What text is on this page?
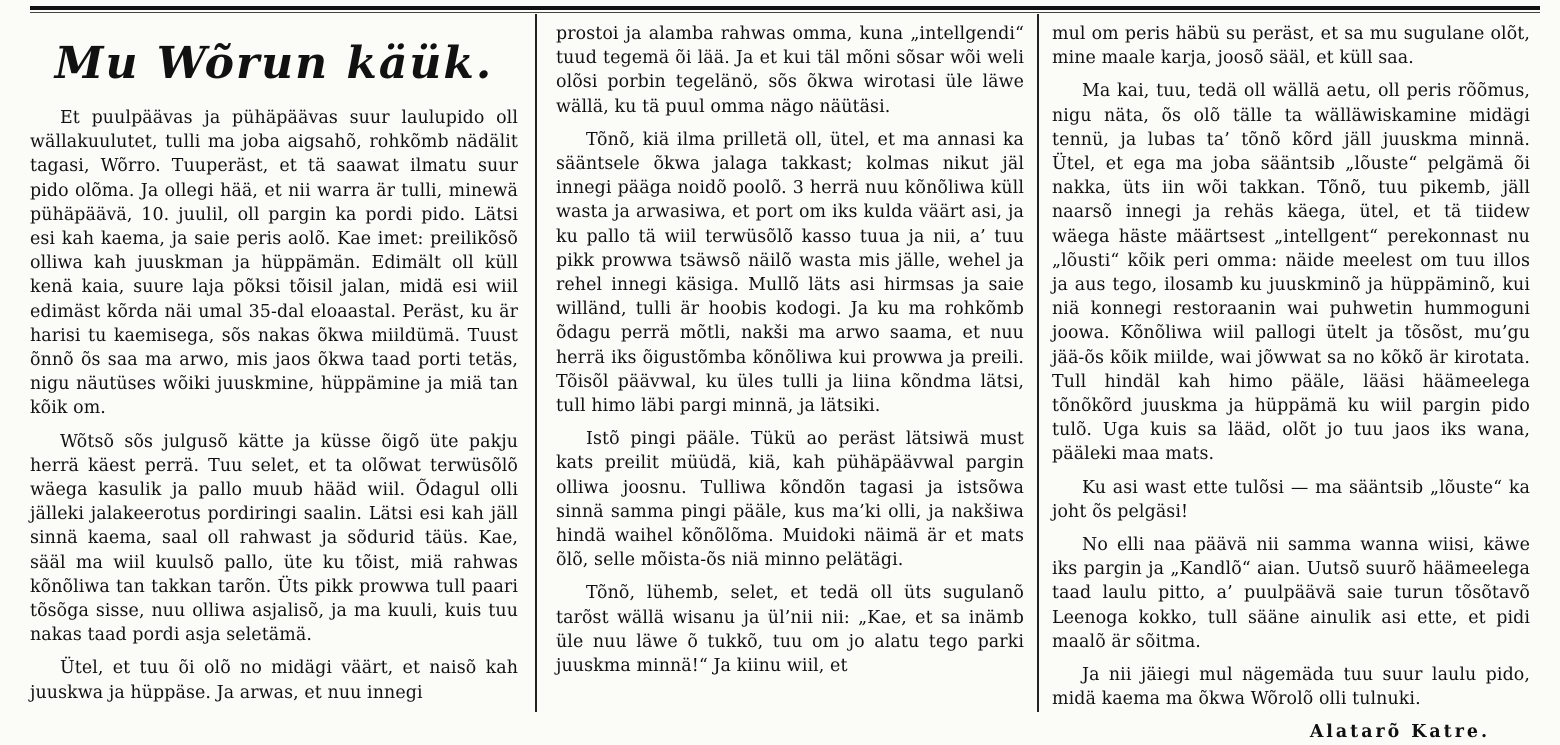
Mu Wõrun käük.

Et puulpäävas ja pühäpäävas suur laulupido oll wällakuulutet, tulli ma joba aigsahõ, rohkõmb nädälit tagasi, Wõrro. Tuuperäst, et tä saawat ilmatu suur pido olõma. Ja ollegi hää, et nii warra är tulli, minewä pühäpäävä, 10. juulil, oll pargin ka pordi pido. Lätsi esi kah kaema, ja saie peris aolõ. Kae imet: preilikõsõ olliwa kah juuskman ja hüppämän. Edimält oll küll kenä kaia, suure laja põksi tõisil jalan, midä esi wiil edimäst kõrda näi umal 35-dal eloaastal. Peräst, ku är harisi tu kaemisega, sõs nakas õkwa miildümä. Tuust õnnõ õs saa ma arwo, mis jaos õkwa taad porti tetäs, nigu näutüses wõiki juuskmine, hüppämine ja miä tan kõik om.

Wõtsõ sõs julgusõ kätte ja küsse õigõ üte pakju herrä käest perrä. Tuu selet, et ta olõwat terwüsõlõ wäega kasulik ja pallo muub hääd wiil. Õdagul olli jälleki jalakeerotus pordiringi saalin. Lätsi esi kah jäll sinnä kaema, saal oll rahwast ja sõdurid täüs. Kae, sääl ma wiil kuulsõ pallo, üte ku tõist, miä rahwas kõnõliwa tan takkan tarõn. Üts pikk prowwa tull paari tõsõga sisse, nuu olliwa asjalisõ, ja ma kuuli, kuis tuu nakas taad pordi asja seletämä.

Ütel, et tuu õi olõ no midägi väärt, et naisõ kah juuskwa ja hüppäse. Ja arwas, et nuu innegi

prostoi ja alamba rahwas omma, kuna „intellgendi“ tuud tegemä õi lää. Ja et kui täl mõni sõsar wõi weli olõsi porbin tegelänö, sõs õkwa wirotasi üle läwe wällä, ku tä puul omma nägo näütäsi.

Tõnõ, kiä ilma prilletä oll, ütel, et ma annasi ka sääntsele õkwa jalaga takkast; kolmas nikut jäl innegi pääga noidõ poolõ. 3 herrä nuu kõnõliwa küll wasta ja arwasiwa, et port om iks kulda väärt asi, ja ku pallo tä wiil terwüsõlõ kasso tuua ja nii, a’ tuu pikk prowwa tsäwsõ näilõ wasta mis jälle, wehel ja rehel innegi käsiga. Mullõ läts asi hirmsas ja saie willänd, tulli är hoobis kodogi. Ja ku ma rohkõmb õdagu perrä mõtli, nakši ma arwo saama, et nuu herrä iks õigustõmba kõnõliwa kui prowwa ja preili. Tõisõl päävwal, ku üles tulli ja liina kõndma lätsi, tull himo läbi pargi minnä, ja lätsiki.

Istõ pingi pääle. Tükü ao peräst lätsiwä must kats preilit müüdä, kiä, kah pühäpäävwal pargin olliwa joosnu. Tulliwa kõndõn tagasi ja istsõwa sinnä samma pingi pääle, kus ma’ki olli, ja nakšiwa hindä waihel kõnõlõma. Muidoki näimä är et mats õlõ, selle mõista-õs niä minno pelätägi.

Tõnõ, lühemb, selet, et tedä oll üts sugulanõ tarõst wällä wisanu ja ül’nii nii: „Kae, et sa inämb üle nuu läwe õ tukkõ, tuu om jo alatu tego parki juuskma minnä!“ Ja kiinu wiil, et

mul om peris häbü su peräst, et sa mu sugulane olõt, mine maale karja, joosõ sääl, et küll saa.

Ma kai, tuu, tedä oll wällä aetu, oll peris rõõmus, nigu näta, õs olõ tälle ta wälläwiskamine midägi tennü, ja lubas ta’ tõnõ kõrd jäll juuskma minnä. Ütel, et ega ma joba sääntsib „lõuste“ pelgämä õi nakka, üts iin wõi takkan. Tõnõ, tuu pikemb, jäll naarsõ innegi ja rehäs käega, ütel, et tä tiidew wäega häste määrtsest „intellgent“ perekonnast nu „lõusti“ kõik peri omma: näide meelest om tuu illos ja aus tego, ilosamb ku juuskminõ ja hüppäminõ, kui niä konnegi restoraanin wai puhwetin hummoguni joowa. Kõnõliwa wiil pallogi ütelt ja tõsõst, mu’gu jää-õs kõik miilde, wai jõwwat sa no kõkõ är kirotata. Tull hindäl kah himo pääle, lääsi häämeelega tõnõkõrd juuskma ja hüppämä ku wiil pargin pido tulõ. Uga kuis sa lääd, olõt jo tuu jaos iks wana, pääleki maa mats.

Ku asi wast ette tulõsi — ma sääntsib „lõuste“ ka joht õs pelgäsi!

No elli naa päävä nii samma wanna wiisi, käwe iks pargin ja „Kandlõ“ aian. Uutsõ suurõ häämeelega taad laulu pitto, a’ puulpäävä saie turun tõsõtavõ Leenoga kokko, tull sääne ainulik asi ette, et pidi maalõ är sõitma.

Ja nii jäiegi mul nägemäda tuu suur laulu pido, midä kaema ma õkwa Wõrolõ olli tulnuki.

Alatarõ Katre.
